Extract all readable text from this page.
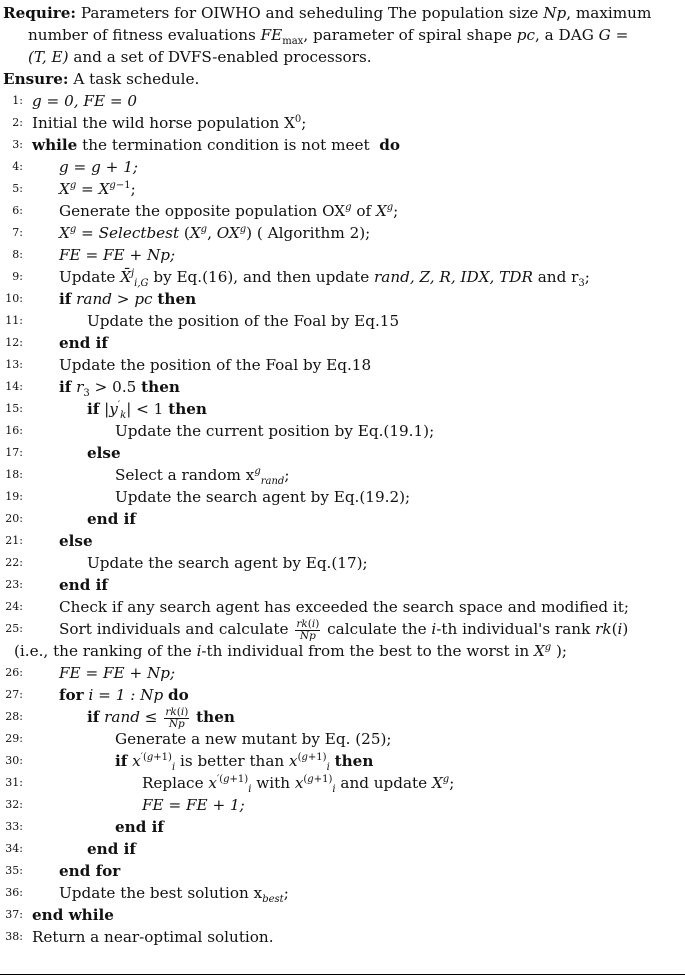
Require: Parameters for OIWHO and seheduling The population size Np, maximum
number of fitness evaluations $FE_{max}$, parameter of spiral shape pc, a DAG G =
(T, E) and a set of DVFS-enabled processors.
Ensure: A task schedule.
1: g = 0, FE = 0
2: Initial the wild horse population $X^0$;
3: while the termination condition is not meet do
4: g = g + 1;
5: $X^g = X^{g-1}$;
6: Generate the opposite population $OX^g$ of $X^g$;
7: $X^g$ = Selectbest ($X^g$, $OX^g$) ( Algorithm 2);
8: FE = FE + Np;
9: Update X̄$^j_{i,G}$ by Eq.(16), and then update rand, Z, R, IDX, TDR and $r_3$;
10: if rand > pc then
11:	Update the position of the Foal by Eq.15
12: end if
13: Update the position of the Foal by Eq.18
14: if $r_3 > 0.5$ then
15:	if $|y'_k| < 1$ then
16:	Update the current position by Eq.(19.1);
17:	else
18:	Select a random $x^g_{rand}$;
19:	Update the search agent by Eq.(19.2);
20:	end if
21: else
22:	Update the search agent by Eq.(17);
23: end if
24: Check if any search agent has exceeded the search space and modified it;
25: Sort individuals and calculate $\frac{rk(i)}{Np}$ calculate the i-th individual's rank rk(i)
(i.e., the ranking of the i-th individual from the best to the worst in $X^g$ );
26: FE = FE + Np;
27: for i = 1 : Np do
28:	if rand ≤ $\frac{rk(i)}{Np}$ then
29:	Generate a new mutant by Eq. (25);
30:	if $x^{'(g+1)}_i$ is better than $x^{(g+1)}_i$ then
31:	Replace $x^{'(g+1)}_i$ with $x^{(g+1)}_i$ and update $X^g$;
32:	FE = FE + 1;
33:	end if
34:	end if
35: end for
36: Update the best solution $x_{best}$;
37: end while
38: Return a near-optimal solution.
